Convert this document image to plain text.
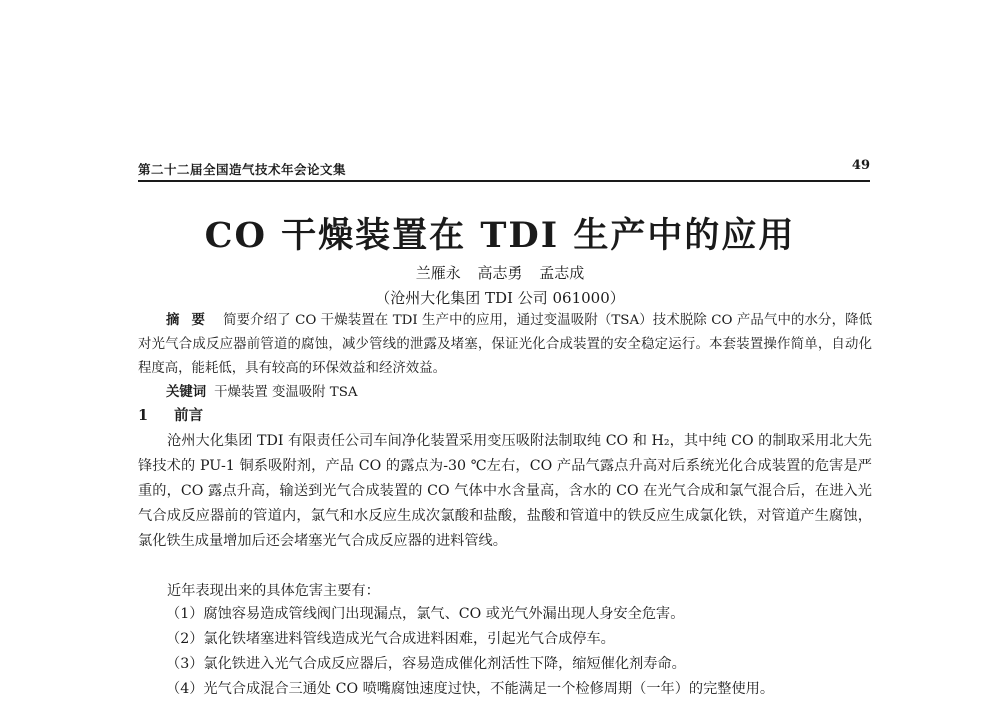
第二十二届全国造气技术年会论文集	49
CO 干燥装置在 TDI 生产中的应用
兰雁永 高志勇 孟志成
（沧州大化集团 TDI 公司 061000）
摘要 简要介绍了 CO 干燥装置在 TDI 生产中的应用，通过变温吸附（TSA）技术脱除 CO 产品气中的水分，降低对光气合成反应器前管道的腐蚀，减少管线的泄露及堵塞，保证光化合成装置的安全稳定运行。本套装置操作简单，自动化程度高，能耗低，具有较高的环保效益和经济效益。
关键词 干燥装置 变温吸附 TSA
1 前言
沧州大化集团 TDI 有限责任公司车间净化装置采用变压吸附法制取纯 CO 和 H₂，其中纯 CO 的制取采用北大先锋技术的 PU-1 铜系吸附剂，产品 CO 的露点为-30 ℃左右，CO 产品气露点升高对后系统光化合成装置的危害是严重的，CO 露点升高，输送到光气合成装置的 CO 气体中水含量高，含水的 CO 在光气合成和氯气混合后，在进入光气合成反应器前的管道内，氯气和水反应生成次氯酸和盐酸，盐酸和管道中的铁反应生成氯化铁，对管道产生腐蚀，氯化铁生成量增加后还会堵塞光气合成反应器的进料管线。
近年表现出来的具体危害主要有：
（1）腐蚀容易造成管线阀门出现漏点，氯气、CO 或光气外漏出现人身安全危害。
（2）氯化铁堵塞进料管线造成光气合成进料困难，引起光气合成停车。
（3）氯化铁进入光气合成反应器后，容易造成催化剂活性下降，缩短催化剂寿命。
（4）光气合成混合三通处 CO 喷嘴腐蚀速度过快，不能满足一个检修周期（一年）的完整使用。
